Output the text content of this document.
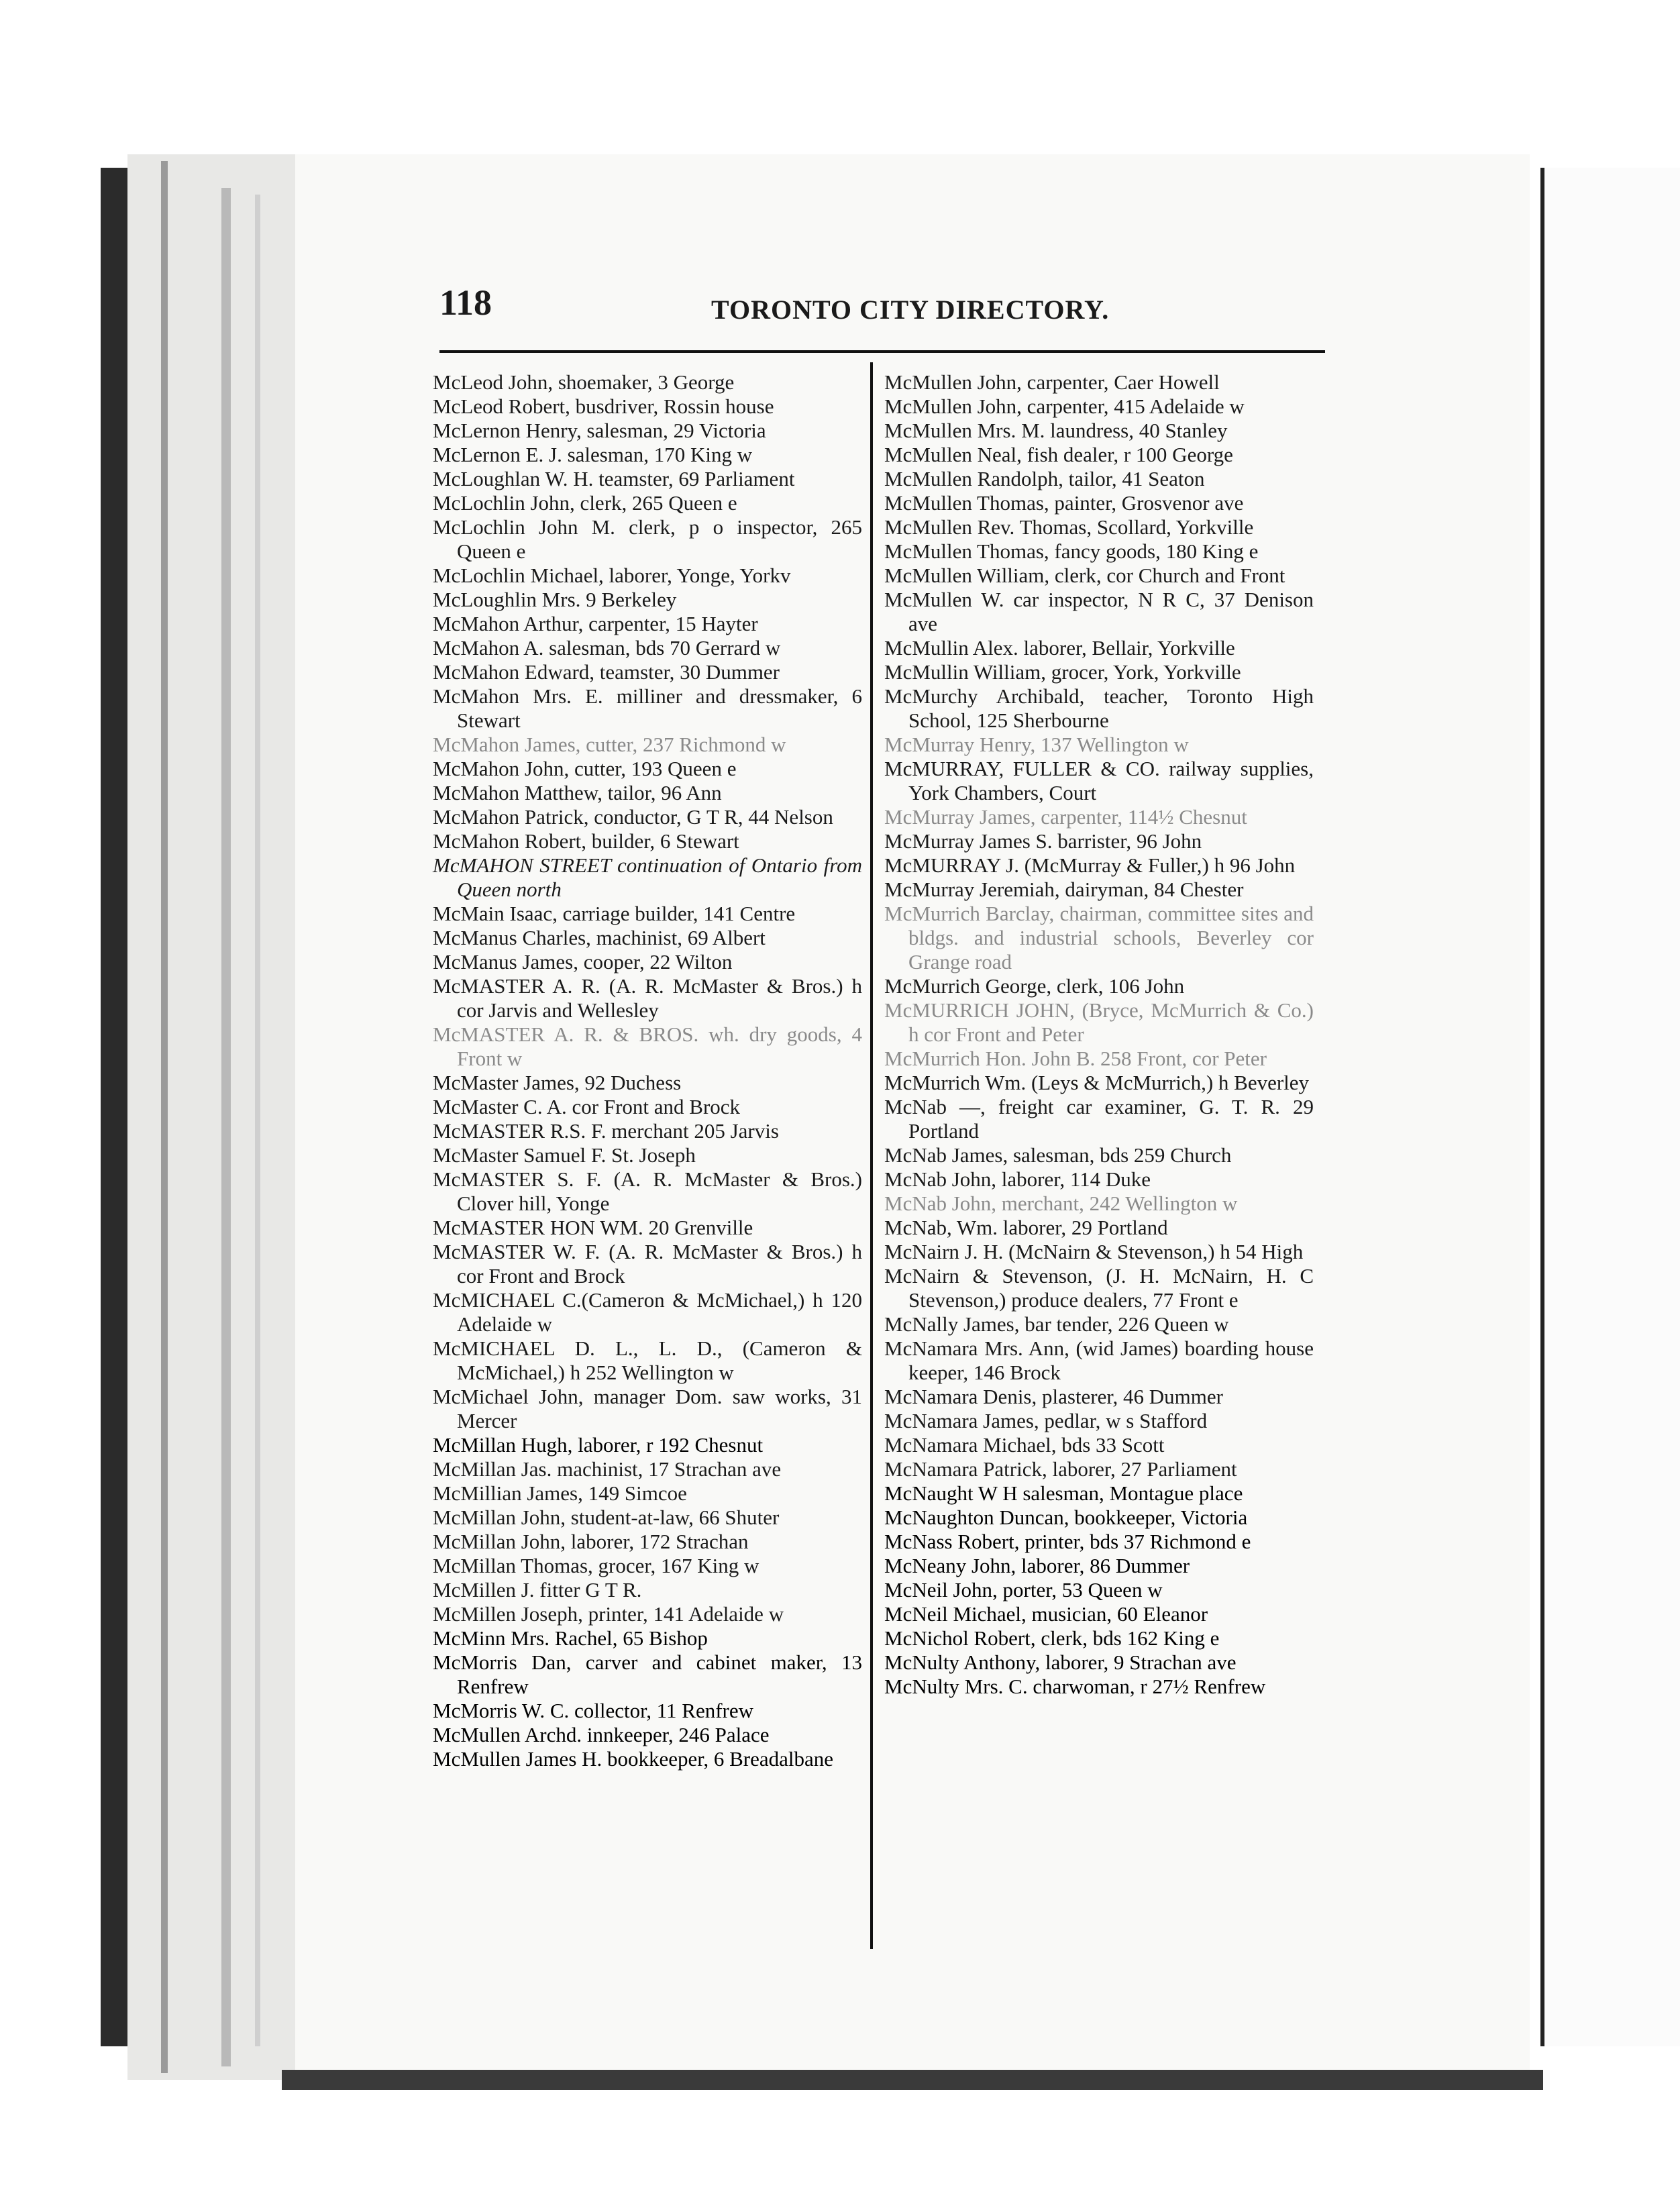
118	TORONTO CITY DIRECTORY.

McLeod John, shoemaker, 3 George

McLeod Robert, busdriver, Rossin house

McLernon Henry, salesman, 29 Victoria

McLernon E. J. salesman, 170 King w

McLoughlan W. H. teamster, 69 Parliament

McLochlin John, clerk, 265 Queen e

McLochlin John M. clerk, p o inspector, 265 Queen e

McLochlin Michael, laborer, Yonge, Yorkv

McLoughlin Mrs. 9 Berkeley

McMahon Arthur, carpenter, 15 Hayter

McMahon A. salesman, bds 70 Gerrard w

McMahon Edward, teamster, 30 Dummer

McMahon Mrs. E. milliner and dressmaker, 6 Stewart

McMahon James, cutter, 237 Richmond w

McMahon John, cutter, 193 Queen e

McMahon Matthew, tailor, 96 Ann

McMahon Patrick, conductor, G T R, 44 Nelson

McMahon Robert, builder, 6 Stewart

McMAHON STREET continuation of Ontario from Queen north

McMain Isaac, carriage builder, 141 Centre

McManus Charles, machinist, 69 Albert

McManus James, cooper, 22 Wilton

McMASTER A. R. (A. R. McMaster & Bros.) h cor Jarvis and Wellesley

McMASTER A. R. & BROS. wh. dry goods, 4 Front w

McMaster James, 92 Duchess

McMaster C. A. cor Front and Brock

McMASTER R.S. F. merchant 205 Jarvis

McMaster Samuel F. St. Joseph

McMASTER S. F. (A. R. McMaster & Bros.) Clover hill, Yonge

McMASTER HON WM. 20 Grenville

McMASTER W. F. (A. R. McMaster & Bros.) h cor Front and Brock

McMICHAEL C.(Cameron & McMichael,) h 120 Adelaide w

McMICHAEL D. L., L. D., (Cameron & McMichael,) h 252 Wellington w

McMichael John, manager Dom. saw works, 31 Mercer

McMillan Hugh, laborer, r 192 Chesnut

McMillan Jas. machinist, 17 Strachan ave

McMillian James, 149 Simcoe

McMillan John, student-at-law, 66 Shuter

McMillan John, laborer, 172 Strachan

McMillan Thomas, grocer, 167 King w

McMillen J. fitter G T R.

McMillen Joseph, printer, 141 Adelaide w

McMinn Mrs. Rachel, 65 Bishop

McMorris Dan, carver and cabinet maker, 13 Renfrew

McMorris W. C. collector, 11 Renfrew

McMullen Archd. innkeeper, 246 Palace

McMullen James H. bookkeeper, 6 Breadalbane

McMullen John, carpenter, Caer Howell

McMullen John, carpenter, 415 Adelaide w

McMullen Mrs. M. laundress, 40 Stanley

McMullen Neal, fish dealer, r 100 George

McMullen Randolph, tailor, 41 Seaton

McMullen Thomas, painter, Grosvenor ave

McMullen Rev. Thomas, Scollard, Yorkville

McMullen Thomas, fancy goods, 180 King e

McMullen William, clerk, cor Church and Front

McMullen W. car inspector, N R C, 37 Denison ave

McMullin Alex. laborer, Bellair, Yorkville

McMullin William, grocer, York, Yorkville

McMurchy Archibald, teacher, Toronto High School, 125 Sherbourne

McMurray Henry, 137 Wellington w

McMURRAY, FULLER & CO. railway supplies, York Chambers, Court

McMurray James, carpenter, 114½ Chesnut

McMurray James S. barrister, 96 John

McMURRAY J. (McMurray & Fuller,) h 96 John

McMurray Jeremiah, dairyman, 84 Chester

McMurrich Barclay, chairman, committee sites and bldgs. and industrial schools, Beverley cor Grange road

McMurrich George, clerk, 106 John

McMURRICH JOHN, (Bryce, McMurrich & Co.) h cor Front and Peter

McMurrich Hon. John B. 258 Front, cor Peter

McMurrich Wm. (Leys & McMurrich,) h Beverley

McNab —, freight car examiner, G. T. R. 29 Portland

McNab James, salesman, bds 259 Church

McNab John, laborer, 114 Duke

McNab John, merchant, 242 Wellington w

McNab, Wm. laborer, 29 Portland

McNairn J. H. (McNairn & Stevenson,) h 54 High

McNairn & Stevenson, (J. H. McNairn, H. C Stevenson,) produce dealers, 77 Front e

McNally James, bar tender, 226 Queen w

McNamara Mrs. Ann, (wid James) boarding house keeper, 146 Brock

McNamara Denis, plasterer, 46 Dummer

McNamara James, pedlar, w s Stafford

McNamara Michael, bds 33 Scott

McNamara Patrick, laborer, 27 Parliament

McNaught W H salesman, Montague place

McNaughton Duncan, bookkeeper, Victoria

McNass Robert, printer, bds 37 Richmond e

McNeany John, laborer, 86 Dummer

McNeil John, porter, 53 Queen w

McNeil Michael, musician, 60 Eleanor

McNichol Robert, clerk, bds 162 King e

McNulty Anthony, laborer, 9 Strachan ave

McNulty Mrs. C. charwoman, r 27½ Renfrew
